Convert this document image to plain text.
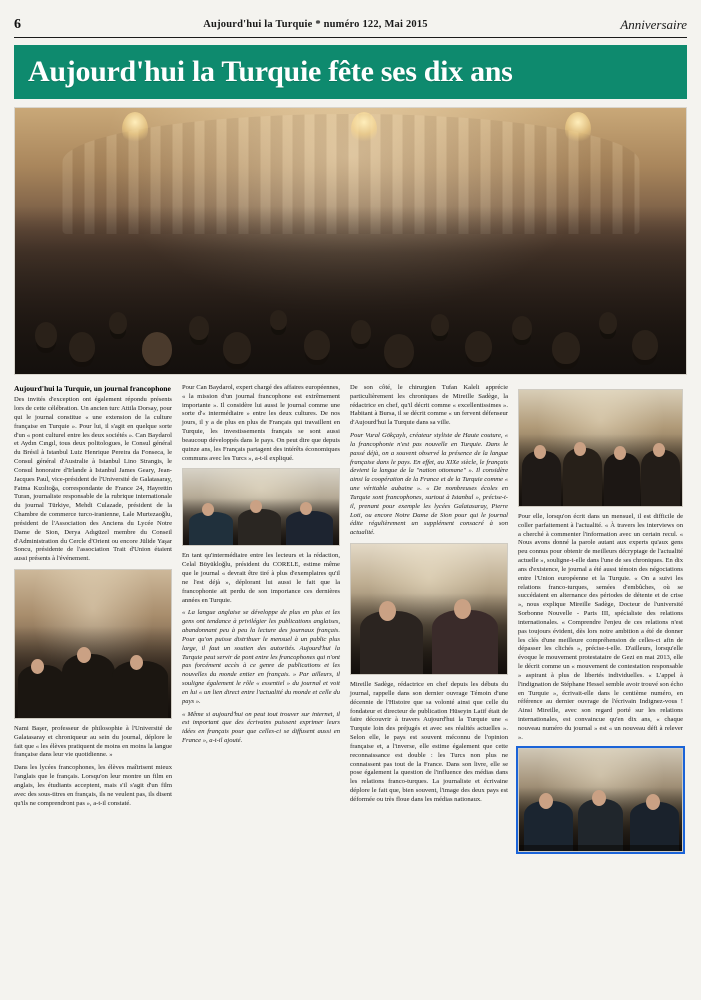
6	Aujourd'hui la Turquie * numéro 122, Mai 2015	Anniversaire
Aujourd'hui la Turquie fête ses dix ans
Aujourd'hui la Turquie, un journal francophone

Des invités d'exception ont également répondu présents lors de cette célébration. Un ancien turc Attila Dorsay, pour qui le journal constitue « une extension de la culture française en Turquie ». Pour lui, il s'agit en quelque sorte d'un « pont culturel entre les deux sociétés ». Can Baydarol et Aydın Cıngıl, tous deux politologues, le Consul général du Brésil à Istanbul Luiz Henrique Pereira da Fonseca, le Consul général d'Australie à Istanbul Lino Strangis, le Consul honoraire d'Irlande à Istanbul James Geary, Jean-Jacques Paul, vice-président de l'Université de Galatasaray, Fatma Kızıltoğa, correspondante de France 24, Hayrettin Turan, journaliste responsable de la rubrique internationale du journal Türkiye, Mehdi Culazade, président de la Chambre de commerce turco-iranienne, Lale Murtezaoğlu, président de l'Association des Anciens du Lycée Notre Dame de Sion, Derya Adıgüzel membre du Conseil d'Administration du Cercle d'Orient ou encore Jülide Yaşar Soncu, présidente de l'association Trait d'Union étaient aussi présents à l'événement.

Nami Başer, professeur de philosophie à l'Université de Galatasaray et chroniqueur au sein du journal, déplore le fait que « les élèves pratiquent de moins en moins la langue française dans leur vie quotidienne. »

Dans les lycées francophones, les élèves maîtrisent mieux l'anglais que le français. Lorsqu'on leur montre un film en anglais, les étudiants acceptent, mais s'il s'agit d'un film avec des sous-titres en français, ils ne veulent pas, ils disent qu'ils ne comprendront pas », a-t-il constaté.

Pour Can Baydarol, expert chargé des affaires européennes, « la mission d'un journal francophone est extrêmement importante ». Il considère lui aussi le journal comme une sorte d'« intermédiaire » entre les deux cultures. De nos jours, il y a de plus en plus de Français qui travaillent en Turquie, les investissements français se sont aussi beaucoup développés dans le pays. On peut dire que depuis quinze ans, les Français partagent des intérêts économiques communs avec les Turcs », a-t-il expliqué.

En tant qu'intermédiaire entre les lecteurs et la rédaction, Celal Büyükloğlu, président du CORELE, estime même que le journal « devrait être tiré à plus d'exemplaires qu'il ne l'est déjà », déplorant lui aussi le fait que la francophonie ait perdu de son importance ces dernières années en Turquie.

« La langue anglaise se développe de plus en plus et les gens ont tendance à privilégier les publications anglaises, abandonnant peu à peu la lecture des journaux français. Pour qu'on puisse distribuer le mensuel à un public plus large, il faut un soutien des autorités. Aujourd'hui la Turquie peut servir de pont entre les francophones qui n'ont pas forcément accès à ce genre de publications et les nouvelles du monde entier en français. » Par ailleurs, il souligne également le rôle « essentiel » du journal et voit en lui « un lien direct entre l'actualité du monde et celle du pays ».

« Même si aujourd'hui on peut tout trouver sur internet, il est important que des écrivains puissent exprimer leurs idées en français pour que celles-ci se diffusent aussi en France », a-t-il ajouté.

De son côté, le chirurgien Tufan Kaleli apprécie particulièrement les chroniques de Mireille Sadège, la rédactrice en chef, qu'il décrit comme « excellentissimes ». Habitant à Bursa, il se décrit comme « un fervent défenseur d'Aujourd'hui la Turquie dans sa ville.

Pour Vural Gökçaylı, créateur styliste de Haute couture, « la francophonie n'est pas nouvelle en Turquie. Dans le passé déjà, on a souvent observé la présence de la langue française dans le pays. En effet, au XIXe siècle, le français devient la langue de la "nation ottomane" ». Il considère ainsi la coopération de la France et de la Turquie comme « une véritable aubaine ». « De nombreuses écoles en Turquie sont francophones, surtout à Istanbul », précise-t-il, prenant pour exemple les lycées Galatasaray, Pierre Loti, ou encore Notre Dame de Sion pour qui le journal édite régulièrement un supplément consacré à son actualité.

Mireille Sadège, rédactrice en chef depuis les débuts du journal, rappelle dans son dernier ouvrage Témoin d'une décennie de l'Histoire que sa volonté ainsi que celle du fondateur et directeur de publication Hüseyin Latif était de faire découvrir à travers Aujourd'hui la Turquie une « Turquie loin des préjugés et avec ses réalités actuelles ». Selon elle, le pays est souvent méconnu de l'opinion française et, a l'inverse, elle estime également que cette reconnaissance est double : les Turcs non plus ne connaissent pas tout de la France. Dans son livre, elle se pose également la question de l'influence des médias dans les relations franco-turques. La journaliste et écrivaine déplore le fait que, bien souvent, l'image des deux pays est déformée ou très floue dans les médias nationaux.

Pour elle, lorsqu'on écrit dans un mensuel, il est difficile de coller parfaitement à l'actualité. « À travers les interviews on a cherché à commenter l'information avec un certain recul. « Nous avons donné la parole autant aux experts qu'aux gens peu connus pour obtenir de meilleurs décryptage de l'actualité actuelle », souligne-t-elle dans l'une de ses chroniques. En dix ans d'existence, le journal a été aussi témoin des négociations entre l'Union européenne et la Turquie. « On a suivi les relations franco-turques, semées d'embûches, où se succédaient en alternance des périodes de détente et de crise », nous explique Mireille Sadège, Docteur de l'université Sorbonne Nouvelle - Paris III, spécialiste des relations internationales. « Comprendre l'enjeu de ces relations n'est pas toujours évident, dès lors notre ambition a été de donner les clés d'une meilleure compréhension de celles-ci afin de dépasser les clichés », précise-t-elle. D'ailleurs, lorsqu'elle évoque le mouvement protestataire de Gezi en mai 2013, elle le décrit comme un « mouvement de contestation responsable » aspirant à plus de libertés individuelles. « L'appel à l'indignation de Stéphane Hessel semble avoir trouvé son écho en Turquie », écrivait-elle dans le centième numéro, en référence au dernier ouvrage de l'écrivain Indignez-vous ! Ainsi Mireille, avec son regard porté sur les relations internationales, est convaincue qu'en dix ans, « chaque nouveau numéro du journal » est « un nouveau défi à relever ».
